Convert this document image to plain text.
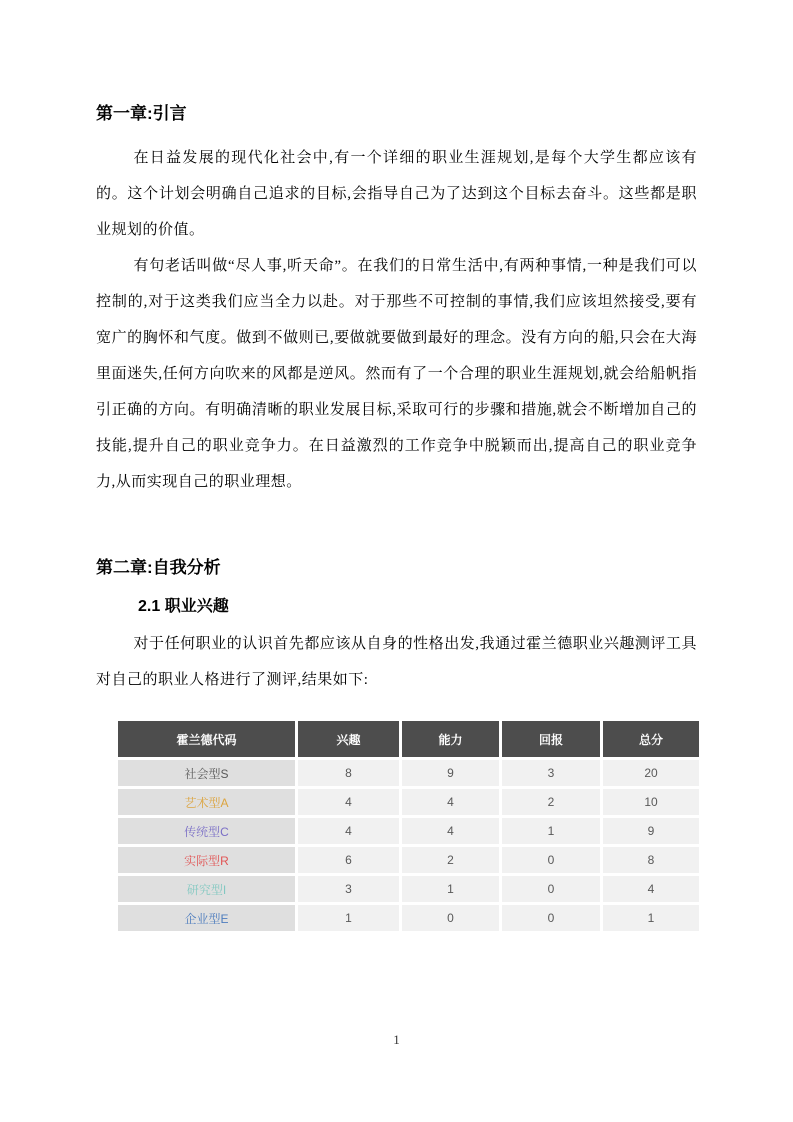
第一章:引言

在日益发展的现代化社会中,有一个详细的职业生涯规划,是每个大学生都应该有的。这个计划会明确自己追求的目标,会指导自己为了达到这个目标去奋斗。这些都是职业规划的价值。

有句老话叫做“尽人事,听天命”。在我们的日常生活中,有两种事情,一种是我们可以控制的,对于这类我们应当全力以赴。对于那些不可控制的事情,我们应该坦然接受,要有宽广的胸怀和气度。做到不做则已,要做就要做到最好的理念。没有方向的船,只会在大海里面迷失,任何方向吹来的风都是逆风。然而有了一个合理的职业生涯规划,就会给船帆指引正确的方向。有明确清晰的职业发展目标,采取可行的步骤和措施,就会不断增加自己的技能,提升自己的职业竞争力。在日益激烈的工作竞争中脱颖而出,提高自己的职业竞争力,从而实现自己的职业理想。

第二章:自我分析
2.1 职业兴趣

对于任何职业的认识首先都应该从自身的性格出发,我通过霍兰德职业兴趣测评工具对自己的职业人格进行了测评,结果如下:

霍兰德代码	兴趣	能力	回报	总分
社会型S	8	9	3	20
艺术型A	4	4	2	10
传统型C	4	4	1	9
实际型R	6	2	0	8
研究型I	3	1	0	4
企业型E	1	0	0	1
1
